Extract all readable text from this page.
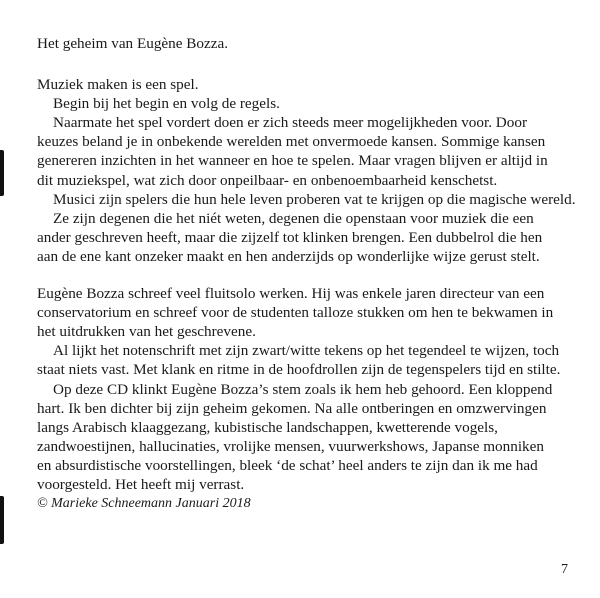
Het geheim van Eugène Bozza.

Muziek maken is een spel.

Begin bij het begin en volg de regels.

Naarmate het spel vordert doen er zich steeds meer mogelijkheden voor. Door
keuzes beland je in onbekende werelden met onvermoede kansen. Sommige kansen
genereren inzichten in het wanneer en hoe te spelen. Maar vragen blijven er altijd in
dit muziekspel, wat zich door onpeilbaar- en onbenoembaarheid kenschetst.

Musici zijn spelers die hun hele leven proberen vat te krijgen op die magische wereld.

Ze zijn degenen die het niét weten, degenen die openstaan voor muziek die een
ander geschreven heeft, maar die zijzelf tot klinken brengen. Een dubbelrol die hen
aan de ene kant onzeker maakt en hen anderzijds op wonderlijke wijze gerust stelt.

Eugène Bozza schreef veel fluitsolo werken. Hij was enkele jaren directeur van een
conservatorium en schreef voor de studenten talloze stukken om hen te bekwamen in
het uitdrukken van het geschrevene.

Al lijkt het notenschrift met zijn zwart/witte tekens op het tegendeel te wijzen, toch
staat niets vast. Met klank en ritme in de hoofdrollen zijn de tegenspelers tijd en stilte.

Op deze CD klinkt Eugène Bozza’s stem zoals ik hem heb gehoord. Een kloppend
hart. Ik ben dichter bij zijn geheim gekomen. Na alle ontberingen en omzwervingen
langs Arabisch klaaggezang, kubistische landschappen, kwetterende vogels,
zandwoestijnen, hallucinaties, vrolijke mensen, vuurwerkshows, Japanse monniken
en absurdistische voorstellingen, bleek ‘de schat’ heel anders te zijn dan ik me had
voorgesteld. Het heeft mij verrast.

© Marieke Schneemann Januari 2018

7
